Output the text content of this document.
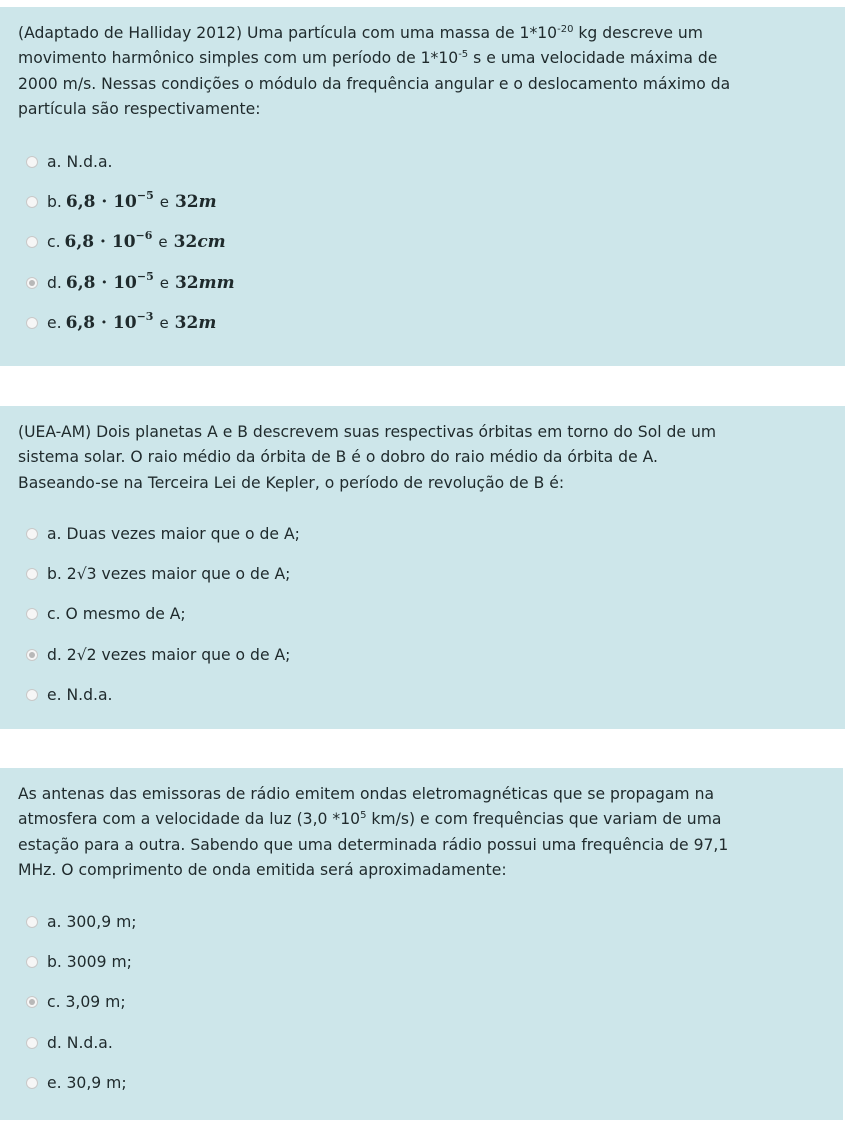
(Adaptado de Halliday 2012) Uma partícula com uma massa de $1*10^{-20}$ kg descreve um
movimento harmônico simples com um período de $1*10^{-5}$ s e uma velocidade máxima de
2000 m/s. Nessas condições o módulo da frequência angular e o deslocamento máximo da
partícula são respectivamente:
a.
N.d.a.
b. $6,8 \cdot 10^{-5}$ e 32m
c. $6,8 \cdot 10^{-6}$ e 32cm
d. $6,8 \cdot 10^{-5}$ e 32mm
e. $6,8 \cdot 10^{-3}$ e 32m
(UEA-AM) Dois planetas A e B descrevem suas respectivas órbitas em torno do Sol de um
sistema solar. O raio médio da órbita de B é o dobro do raio médio da órbita de A.
Baseando-se na Terceira Lei de Kepler, o período de revolução de B é:
a. Duas vezes maior que o de A;
b. 2√3 vezes maior que o de A;
c. O mesmo de A;
d. 2√2 vezes maior que o de A;
e. N.d.a.
As antenas das emissoras de rádio emitem ondas eletromagnéticas que se propagam na
atmosfera com a velocidade da luz (3,0 $*10^5$ km/s) e com frequências que variam de uma
estação para a outra. Sabendo que uma determinada rádio possui uma frequência de 97,1
MHz. O comprimento de onda emitida será aproximadamente:
a. 300,9 m;
b. 3009 m;
c. 3,09 m;
d. N.d.a.
e. 30,9 m;
